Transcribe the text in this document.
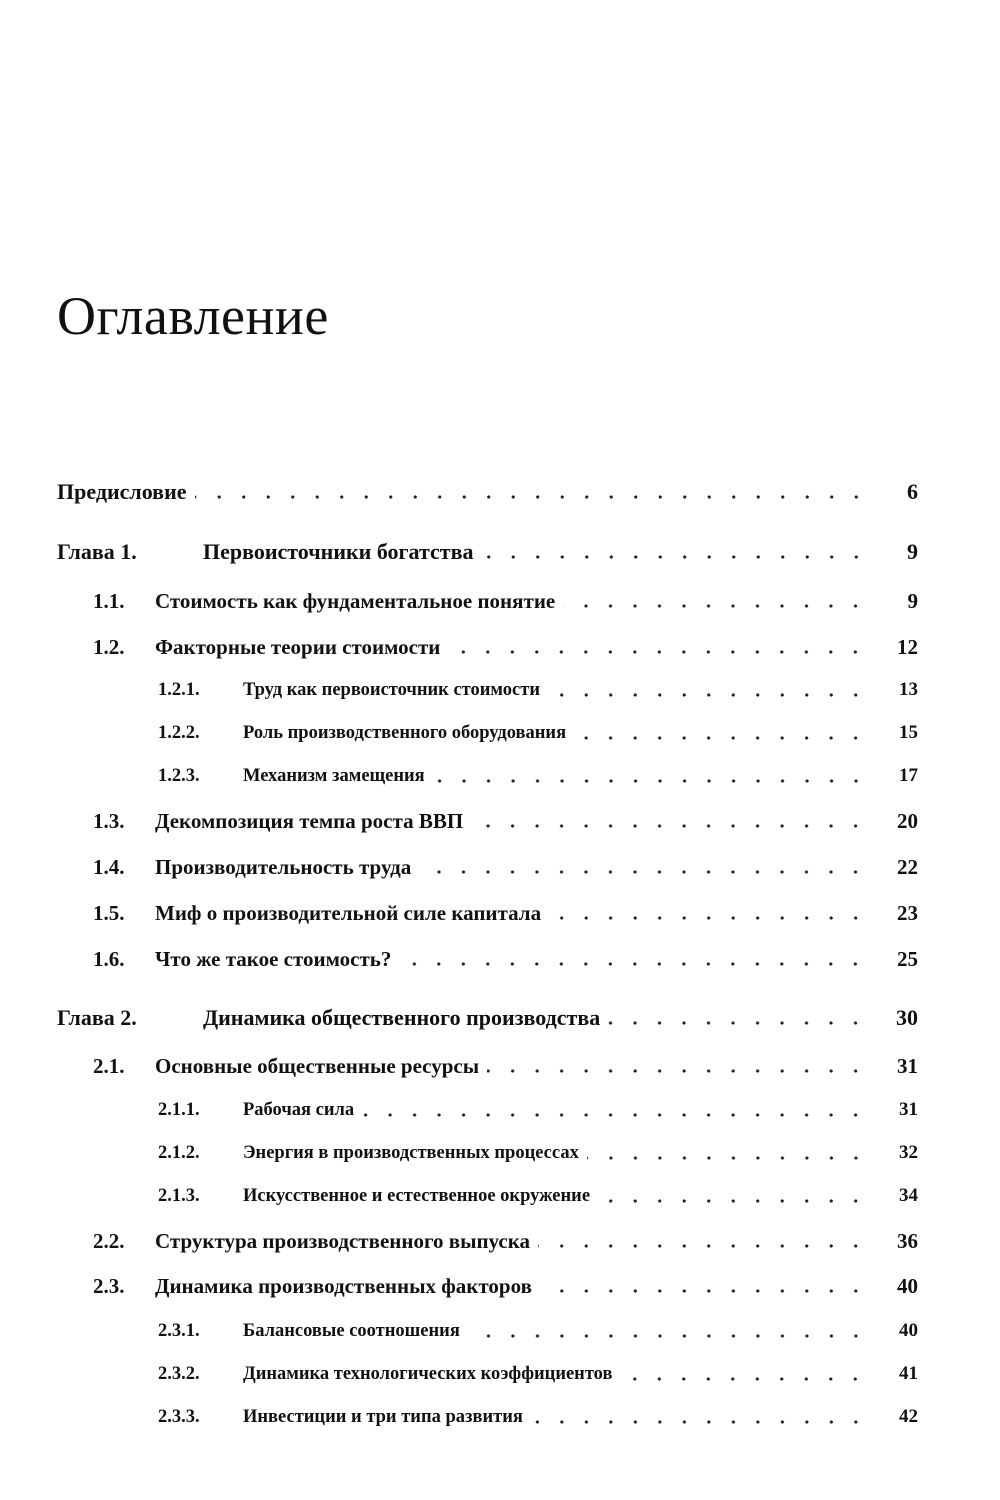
Оглавление
Предисловие	6
Глава 1.	Первоисточники богатства	9
1.1.	Стоимость как фундаментальное понятие	9
1.2.	Факторные теории стоимости	12
1.2.1.	Труд как первоисточник стоимости	13
1.2.2.	Роль производственного оборудования	15
1.2.3.	Механизм замещения	17
1.3.	Декомпозиция темпа роста ВВП	20
1.4.	Производительность труда	22
1.5.	Миф о производительной силе капитала	23
1.6.	Что же такое стоимость?	25
Глава 2.	Динамика общественного производства	30
2.1.	Основные общественные ресурсы	31
2.1.1.	Рабочая сила	31
2.1.2.	Энергия в производственных процессах	32
2.1.3.	Искусственное и естественное окружение	34
2.2.	Структура производственного выпуска	36
2.3.	Динамика производственных факторов	40
2.3.1.	Балансовые соотношения	40
2.3.2.	Динамика технологических коэффициентов	41
2.3.3.	Инвестиции и три типа развития	42
